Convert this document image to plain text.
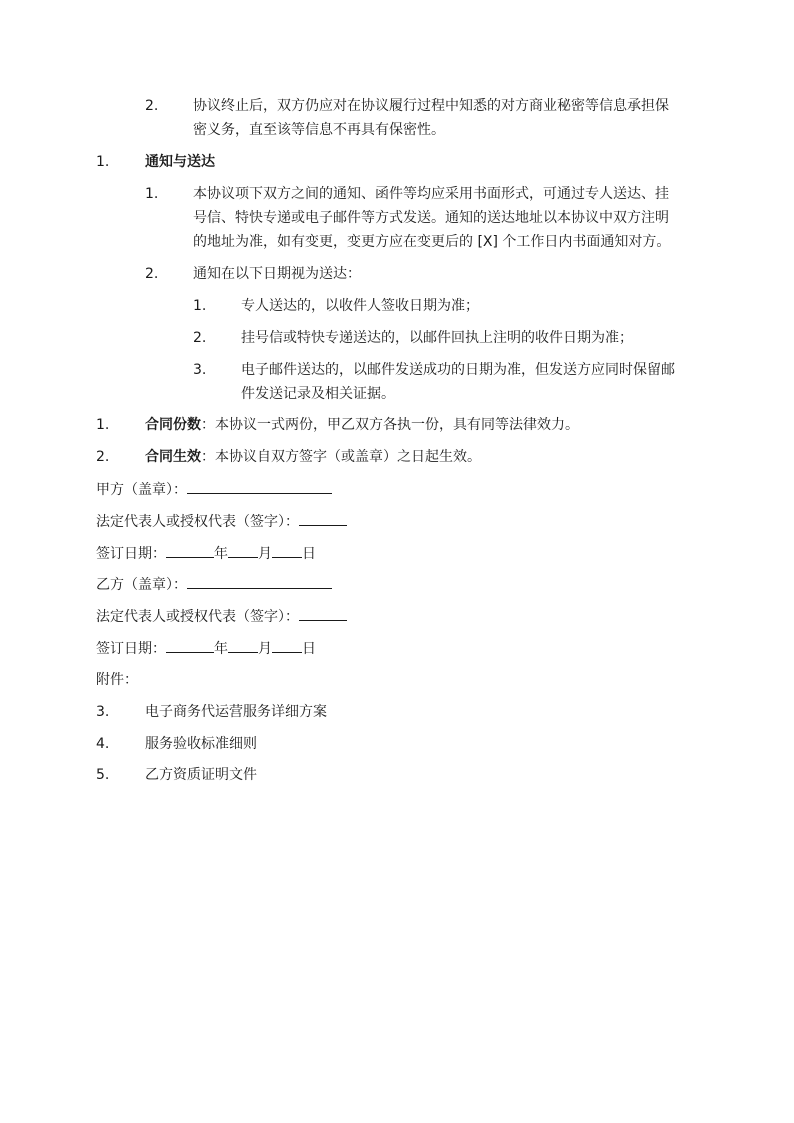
2. 协议终止后，双方仍应对在协议履行过程中知悉的对方商业秘密等信息承担保
密义务，直至该等信息不再具有保密性。
1.	通知与送达
1. 本协议项下双方之间的通知、函件等均应采用书面形式，可通过专人送达、挂
号信、特快专递或电子邮件等方式发送。通知的送达地址以本协议中双方注明
的地址为准，如有变更，变更方应在变更后的 [X] 个工作日内书面通知对方。
2. 通知在以下日期视为送达：
1. 专人送达的，以收件人签收日期为准；
2. 挂号信或特快专递送达的，以邮件回执上注明的收件日期为准；
3. 电子邮件送达的，以邮件发送成功的日期为准，但发送方应同时保留邮
件发送记录及相关证据。
1.	合同份数：本协议一式两份，甲乙双方各执一份，具有同等法律效力。
2.	合同生效：本协议自双方签字（或盖章）之日起生效。
甲方（盖章）：
法定代表人或授权代表（签字）：
签订日期：	年 月 日
乙方（盖章）：
法定代表人或授权代表（签字）：
签订日期：	年 月 日
附件：
3.	电子商务代运营服务详细方案
4.	服务验收标准细则
5.	乙方资质证明文件
